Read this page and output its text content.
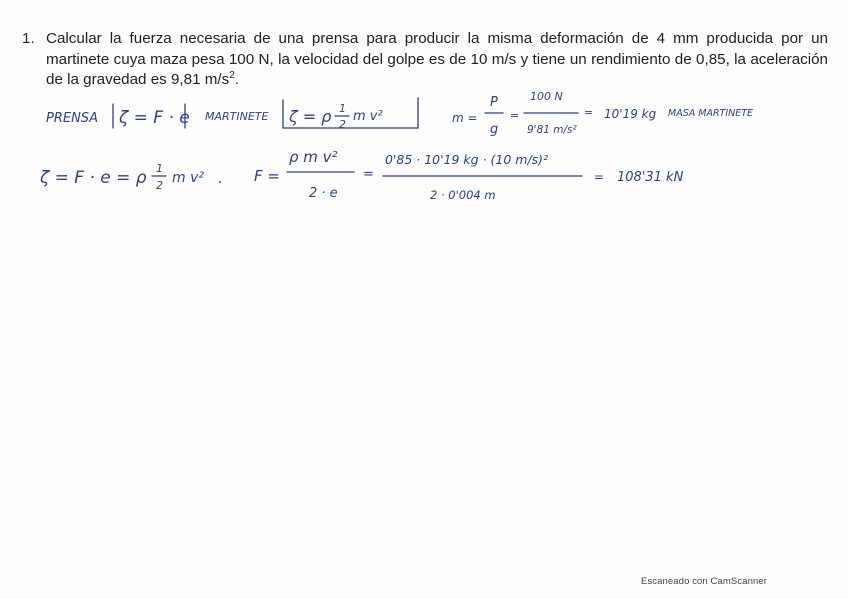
1. Calcular la fuerza necesaria de una prensa para producir la misma deformación de 4 mm producida por un martinete cuya maza pesa 100 N, la velocidad del golpe es de 10 m/s y tiene un rendimiento de 0,85, la aceleración de la gravedad es 9,81 $m/s^2$.
PRENSA ζ = F · e MARTINETE ζ = ρ 1
2
m v²	m =
P
g
=
100 N
9'81 m/s²
= 10'19 kg MASA MARTINETE
ζ = F · e = ρ 1
2 m v² . F =
ρ m v²
2 · e
=
0'85 · 10'19 kg · (10 m/s)²
2 · 0'004 m
= 108'31 kN
Escaneado con CamScanner
